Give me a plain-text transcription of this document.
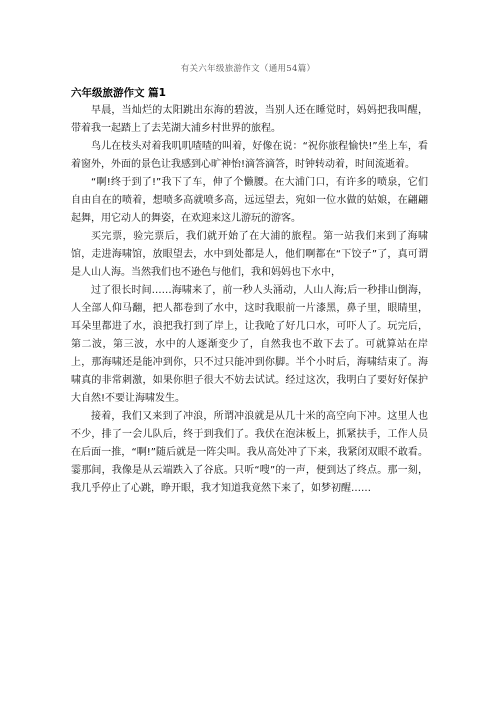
有关六年级旅游作文（通用54篇）
六年级旅游作文 篇1

早晨，当灿烂的太阳跳出东海的碧波，当别人还在睡觉时，妈妈把我叫醒，带着我一起踏上了去芜湖大浦乡村世界的旅程。

鸟儿在枝头对着我叽叽喳喳的叫着，好像在说：“祝你旅程愉快!”坐上车，看着窗外，外面的景色让我感到心旷神怡!滴答滴答，时钟转动着，时间流逝着。

“啊!终于到了!”我下了车，伸了个懒腰。在大浦门口，有许多的喷泉，它们自由自在的喷着，想喷多高就喷多高，远远望去，宛如一位水做的姑娘，在翩翩起舞，用它动人的舞姿，在欢迎来这儿游玩的游客。

买完票，验完票后，我们就开始了在大浦的旅程。第一站我们来到了海啸馆，走进海啸馆，放眼望去，水中到处都是人，他们啊都在“下饺子”了，真可谓是人山人海。当然我们也不逊色与他们，我和妈妈也下水中，

过了很长时间……海啸来了，前一秒人头涌动，人山人海;后一秒排山倒海，人全部人仰马翻，把人都卷到了水中，这时我眼前一片漆黑，鼻子里，眼睛里，耳朵里都进了水，浪把我打到了岸上，让我呛了好几口水，可吓人了。玩完后，第二波，第三波，水中的人逐渐变少了，自然我也不敢下去了。可就算站在岸上，那海啸还是能冲到你，只不过只能冲到你脚。半个小时后，海啸结束了。海啸真的非常刺激，如果你胆子很大不妨去试试。经过这次，我明白了要好好保护大自然!不要让海啸发生。

接着，我们又来到了冲浪，所谓冲浪就是从几十米的高空向下冲。这里人也不少，排了一会儿队后，终于到我们了。我伏在泡沫板上，抓紧扶手，工作人员在后面一推，“啊!”随后就是一阵尖叫。我从高处冲了下来，我紧闭双眼不敢看。霎那间，我像是从云端跌入了谷底。只听“嗖”的一声，便到达了终点。那一刻，我几乎停止了心跳，睁开眼，我才知道我竟然下来了，如梦初醒……
